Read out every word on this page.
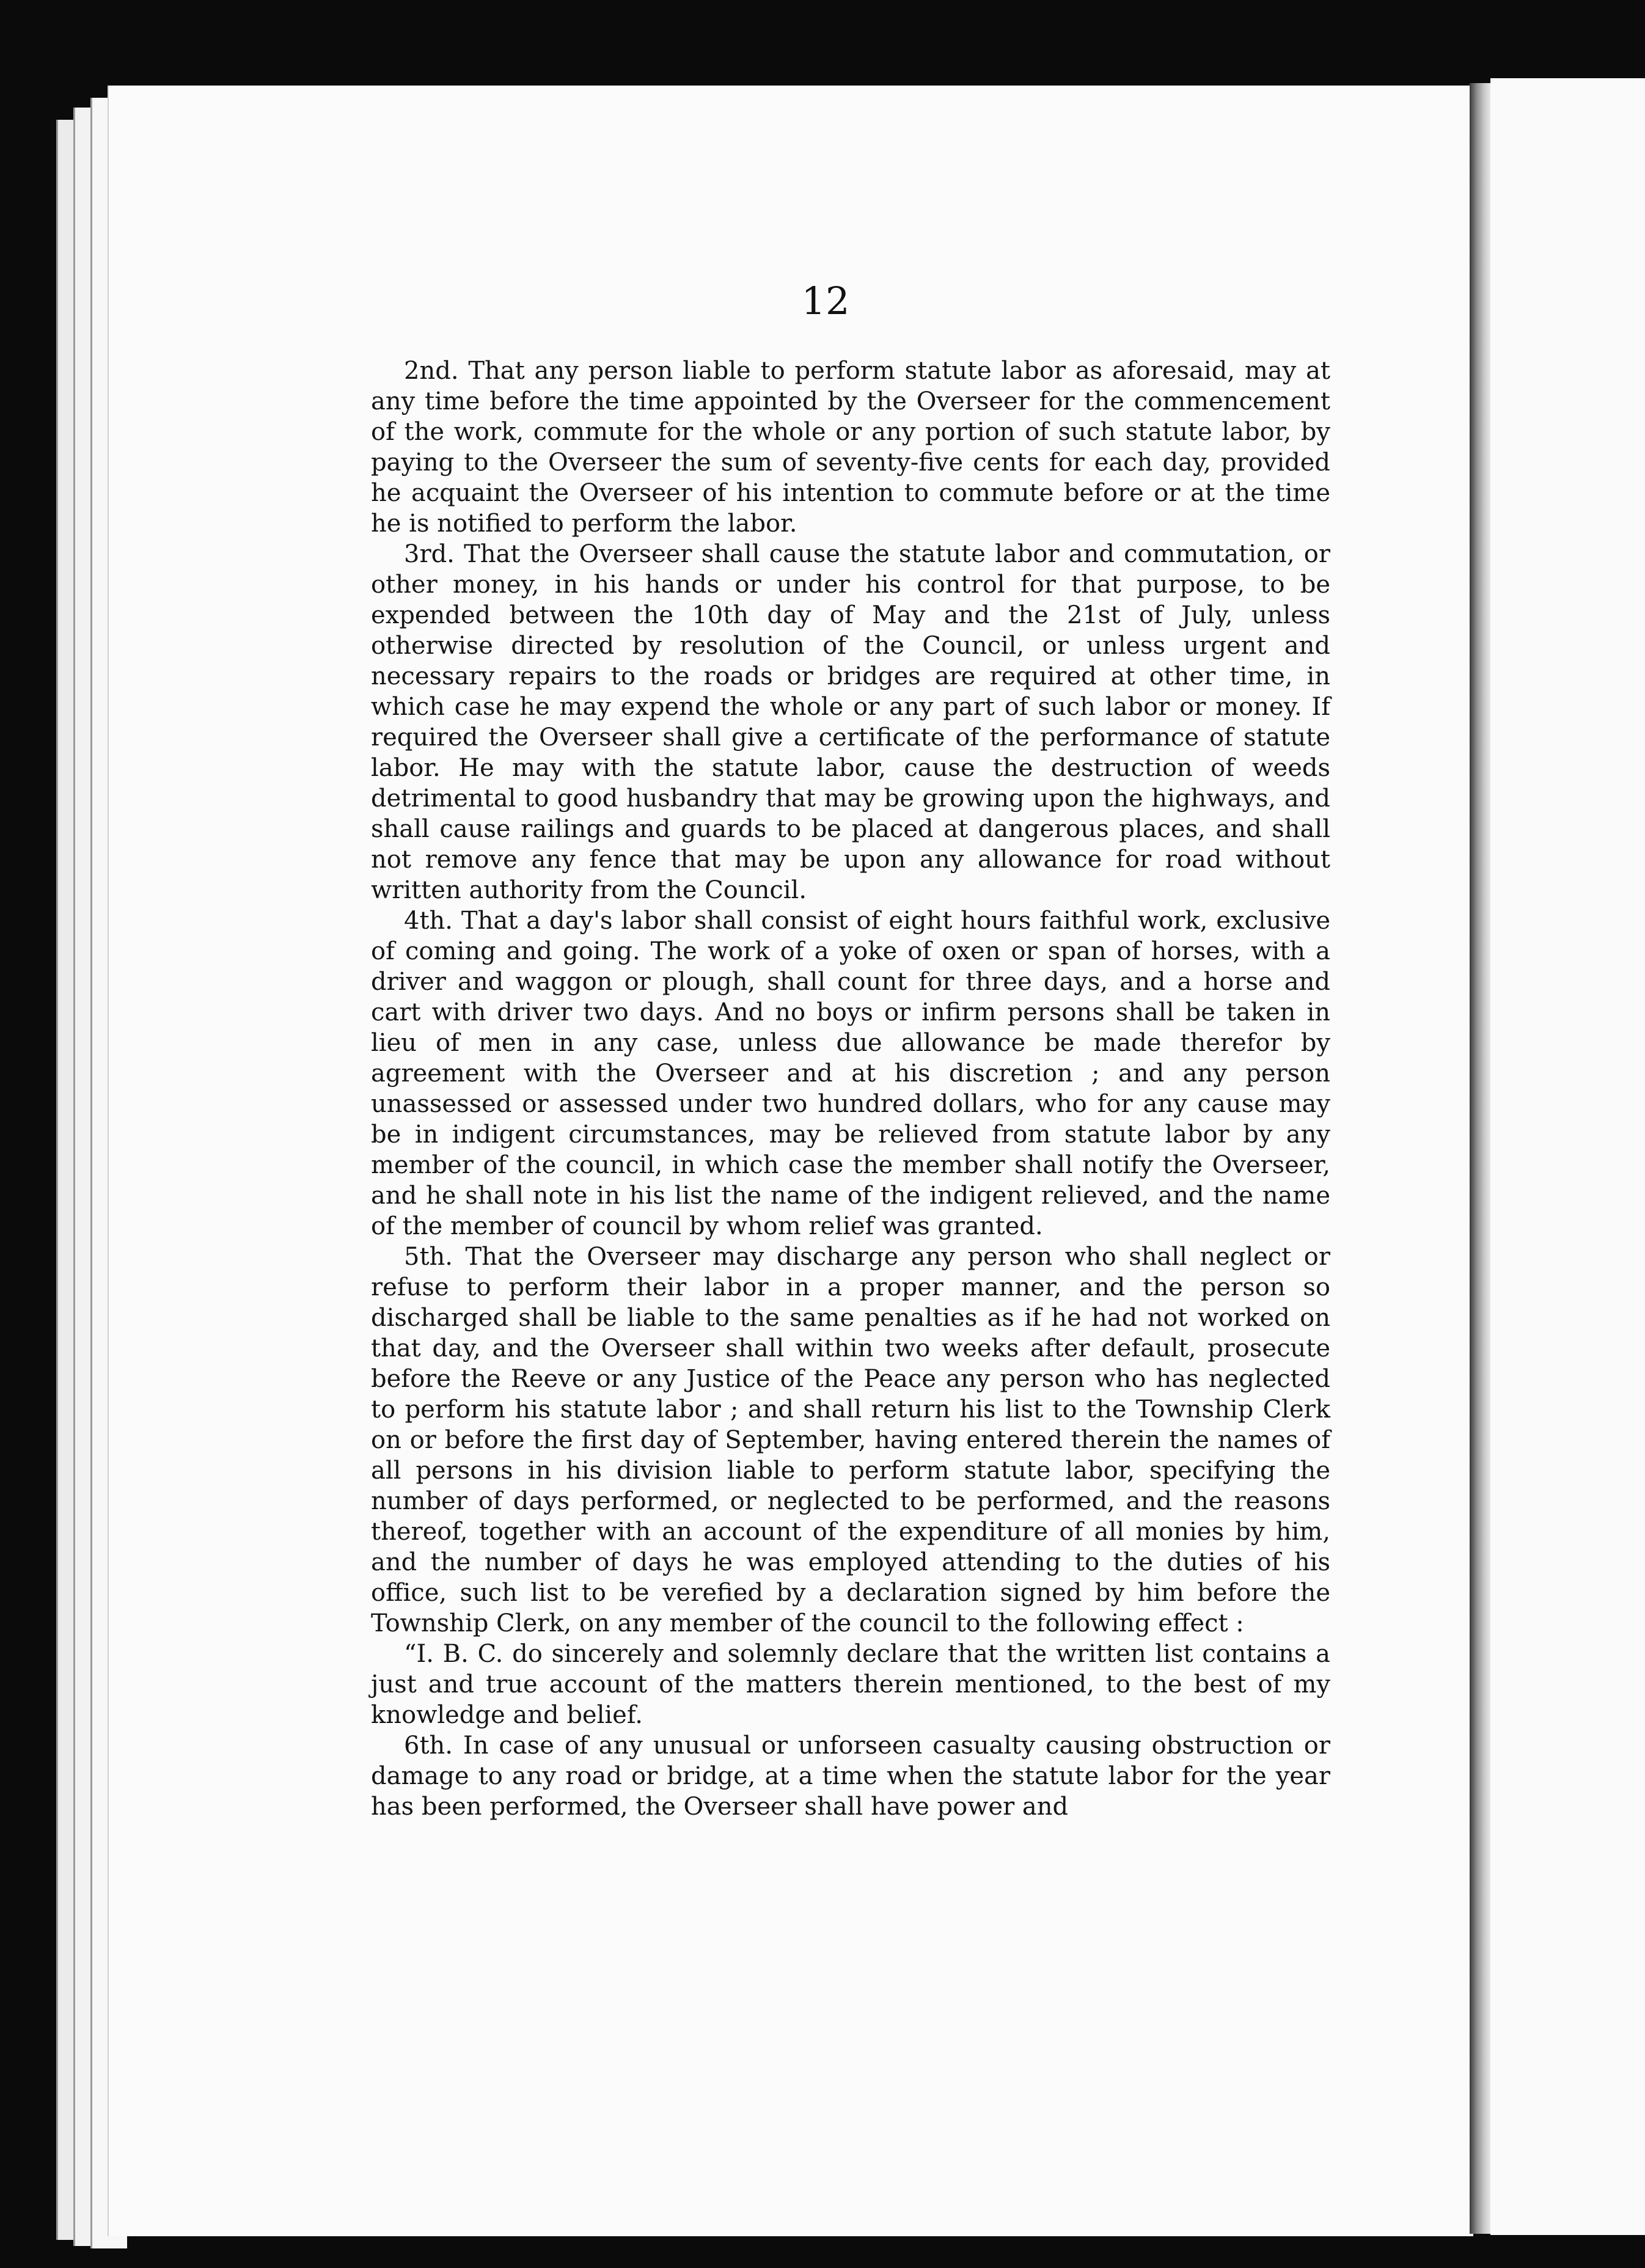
12

2nd. That any person liable to perform statute labor as aforesaid, may at any time before the time appointed by the Overseer for the commencement of the work, commute for the whole or any portion of such statute labor, by paying to the Overseer the sum of seventy-five cents for each day, provided he acquaint the Overseer of his intention to commute before or at the time he is notified to perform the labor.

3rd. That the Overseer shall cause the statute labor and commutation, or other money, in his hands or under his control for that purpose, to be expended between the 10th day of May and the 21st of July, unless otherwise directed by resolution of the Council, or unless urgent and necessary repairs to the roads or bridges are required at other time, in which case he may expend the whole or any part of such labor or money. If required the Overseer shall give a certificate of the performance of statute labor. He may with the statute labor, cause the destruction of weeds detrimental to good husbandry that may be growing upon the highways, and shall cause railings and guards to be placed at dangerous places, and shall not remove any fence that may be upon any allowance for road without written authority from the Council.

4th. That a day's labor shall consist of eight hours faithful work, exclusive of coming and going. The work of a yoke of oxen or span of horses, with a driver and waggon or plough, shall count for three days, and a horse and cart with driver two days. And no boys or infirm persons shall be taken in lieu of men in any case, unless due allowance be made therefor by agreement with the Overseer and at his discretion ; and any person unassessed or assessed under two hundred dollars, who for any cause may be in indigent circumstances, may be relieved from statute labor by any member of the council, in which case the member shall notify the Overseer, and he shall note in his list the name of the indigent relieved, and the name of the member of council by whom relief was granted.

5th. That the Overseer may discharge any person who shall neglect or refuse to perform their labor in a proper manner, and the person so discharged shall be liable to the same penalties as if he had not worked on that day, and the Overseer shall within two weeks after default, prosecute before the Reeve or any Justice of the Peace any person who has neglected to perform his statute labor ; and shall return his list to the Township Clerk on or before the first day of September, having entered therein the names of all persons in his division liable to perform statute labor, specifying the number of days performed, or neglected to be performed, and the reasons thereof, together with an account of the expenditure of all monies by him, and the number of days he was employed attending to the duties of his office, such list to be verefied by a declaration signed by him before the Township Clerk, on any member of the council to the following effect :

“I. B. C. do sincerely and solemnly declare that the written list contains a just and true account of the matters therein mentioned, to the best of my knowledge and belief.

6th. In case of any unusual or unforseen casualty causing obstruction or damage to any road or bridge, at a time when the statute labor for the year has been performed, the Overseer shall have power and
